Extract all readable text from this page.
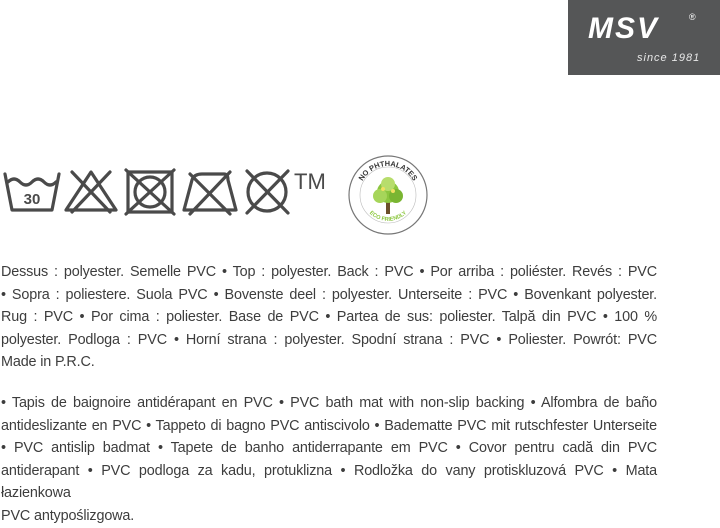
MSV	®
since 1981
30
TM	NO PHTHALATES
ECO FRIENDLY
Dessus : polyester. Semelle PVC • Top : polyester. Back : PVC • Por arriba : poliéster. Revés : PVC
• Sopra : poliestere. Suola PVC • Bovenste deel : polyester. Unterseite : PVC • Bovenkant polyester.
Rug : PVC • Por cima : poliester. Base de PVC • Partea de sus: poliester. Talpă din PVC • 100 %
polyester. Podloga : PVC • Horní strana : polyester. Spodní strana : PVC • Poliester. Powrót: PVC
Made in P.R.C.
• Tapis de baignoire antidérapant en PVC • PVC bath mat with non-slip backing • Alfombra de baño
antideslizante en PVC • Tappeto di bagno PVC antiscivolo • Badematte PVC mit rutschfester Unterseite
• PVC antislip badmat • Tapete de banho antiderrapante em PVC • Covor pentru cadă din PVC
antiderapant • PVC podloga za kadu, protuklizna • Rodložka do vany protiskluzová PVC • Mata łazienkowa
PVC antypoślizgowa.
